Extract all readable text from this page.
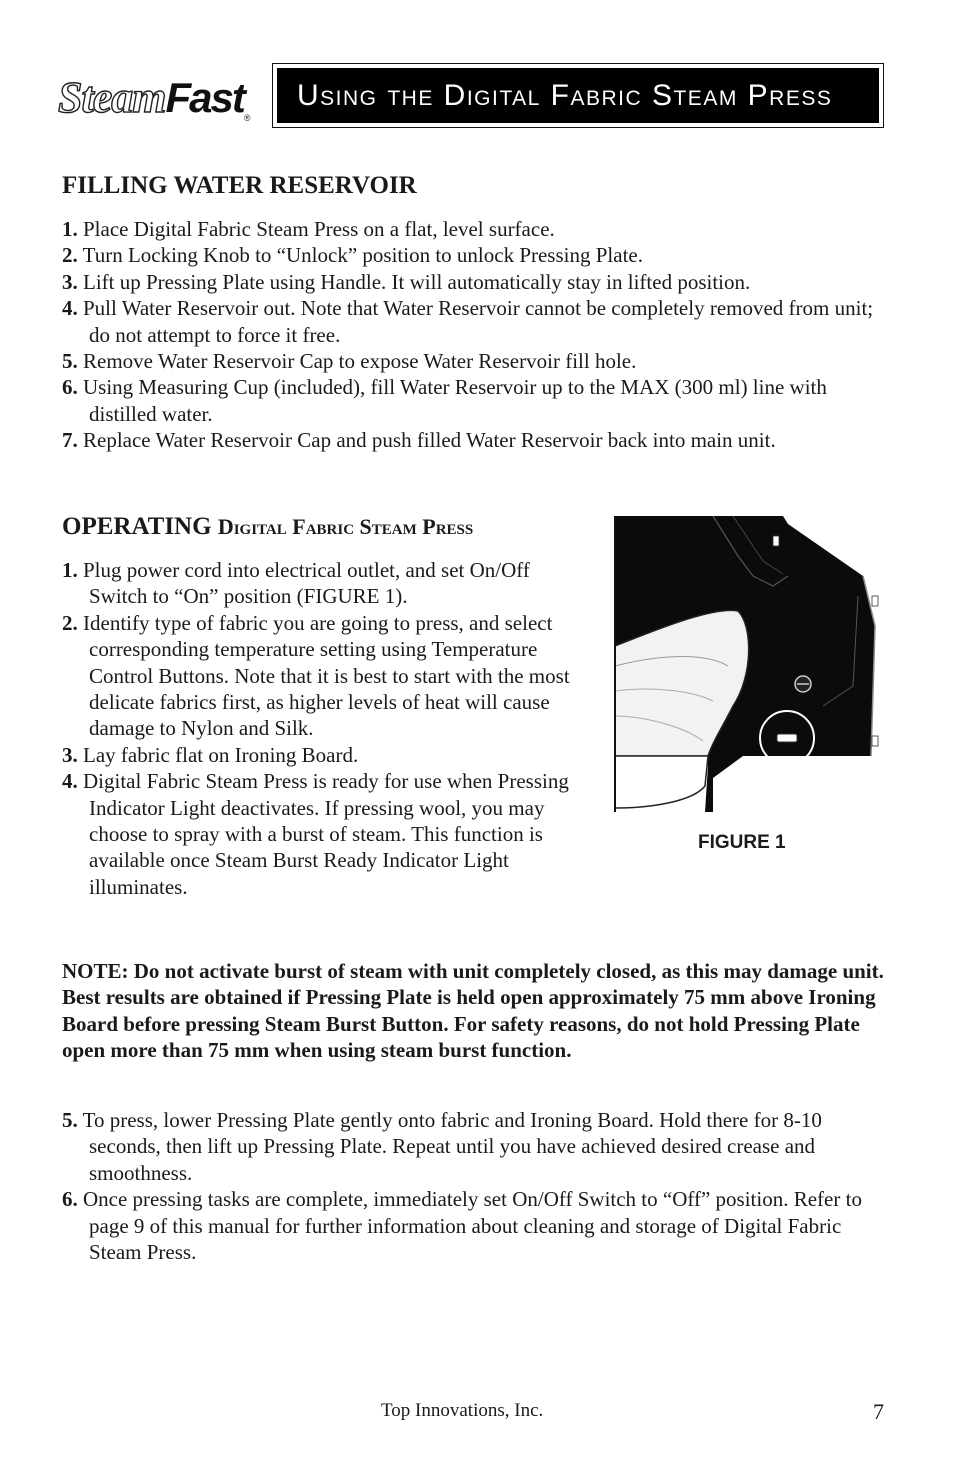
SteamFast®
Using the Digital Fabric Steam Press
FILLING WATER RESERVOIR
1. Place Digital Fabric Steam Press on a flat, level surface.
2. Turn Locking Knob to “Unlock” position to unlock Pressing Plate.
3. Lift up Pressing Plate using Handle. It will automatically stay in lifted position.
4. Pull Water Reservoir out. Note that Water Reservoir cannot be completely removed from unit; do not attempt to force it free.
5. Remove Water Reservoir Cap to expose Water Reservoir fill hole.
6. Using Measuring Cup (included), fill Water Reservoir up to the MAX (300 ml) line with distilled water.
7. Replace Water Reservoir Cap and push filled Water Reservoir back into main unit.
OPERATING Digital Fabric Steam Press
1. Plug power cord into electrical outlet, and set On/Off Switch to “On” position (FIGURE 1).
2. Identify type of fabric you are going to press, and select corresponding temperature setting using Temperature Control Buttons. Note that it is best to start with the most delicate fabrics first, as higher levels of heat will cause damage to Nylon and Silk.
3. Lay fabric flat on Ironing Board.
4. Digital Fabric Steam Press is ready for use when Pressing Indicator Light deactivates. If pressing wool, you may choose to spray with a burst of steam. This function is available once Steam Burst Ready Indicator Light illuminates.
FIGURE 1

NOTE: Do not activate burst of steam with unit completely closed, as this may damage unit. Best results are obtained if Pressing Plate is held open approximately 75 mm above Ironing Board before pressing Steam Burst Button. For safety reasons, do not hold Pressing Plate open more than 75 mm when using steam burst function.

5. To press, lower Pressing Plate gently onto fabric and Ironing Board. Hold there for 8-10 seconds, then lift up Pressing Plate. Repeat until you have achieved desired crease and smoothness.
6. Once pressing tasks are complete, immediately set On/Off Switch to “Off” position. Refer to page 9 of this manual for further information about cleaning and storage of Digital Fabric Steam Press.
Top Innovations, Inc.	7
